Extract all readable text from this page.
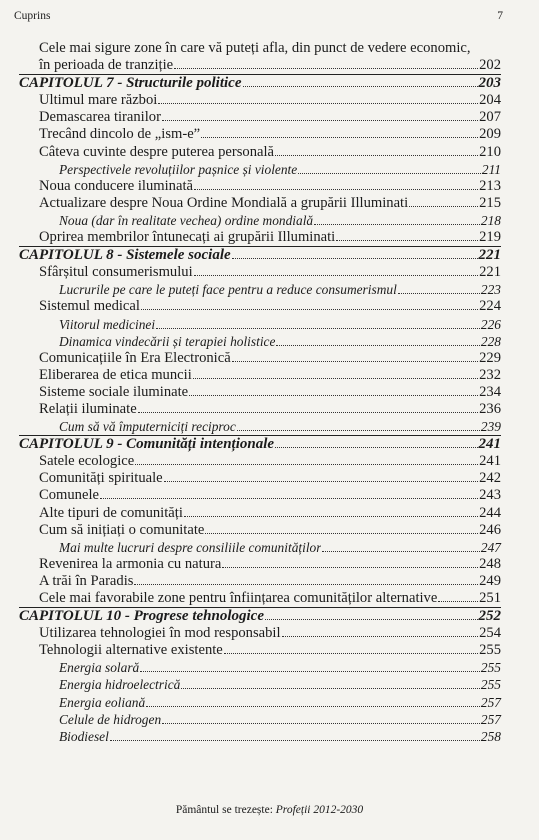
Cuprins	7
Cele mai sigure zone în care vă puteți afla, din punct de vedere economic,
în perioada de tranziție	202
CAPITOLUL 7 - Structurile politice	203
Ultimul mare război	204
Demascarea tiranilor	207
Trecând dincolo de „ism-e”	209
Câteva cuvinte despre puterea personală	210
Perspectivele revoluțiilor pașnice și violente	211
Noua conducere iluminată	213
Actualizare despre Noua Ordine Mondială a grupării Illuminati	215
Noua (dar în realitate vechea) ordine mondială	218
Oprirea membrilor întunecați ai grupării Illuminati	219
CAPITOLUL 8 - Sistemele sociale	221
Sfârșitul consumerismului	221
Lucrurile pe care le puteți face pentru a reduce consumerismul	223
Sistemul medical	224
Viitorul medicinei	226
Dinamica vindecării și terapiei holistice	228
Comunicațiile în Era Electronică	229
Eliberarea de etica muncii	232
Sisteme sociale iluminate	234
Relații iluminate	236
Cum să vă împuterniciți reciproc	239
CAPITOLUL 9 - Comunități intenționale	241
Satele ecologice	241
Comunități spirituale	242
Comunele	243
Alte tipuri de comunități	244
Cum să inițiați o comunitate	246
Mai multe lucruri despre consiliile comunităților	247
Revenirea la armonia cu natura	248
A trăi în Paradis	249
Cele mai favorabile zone pentru înființarea comunităților alternative	251
CAPITOLUL 10 - Progrese tehnologice	252
Utilizarea tehnologiei în mod responsabil	254
Tehnologii alternative existente	255
Energia solară	255
Energia hidroelectrică	255
Energia eoliană	257
Celule de hidrogen	257
Biodiesel	258
Pământul se trezește: Profeții 2012-2030
